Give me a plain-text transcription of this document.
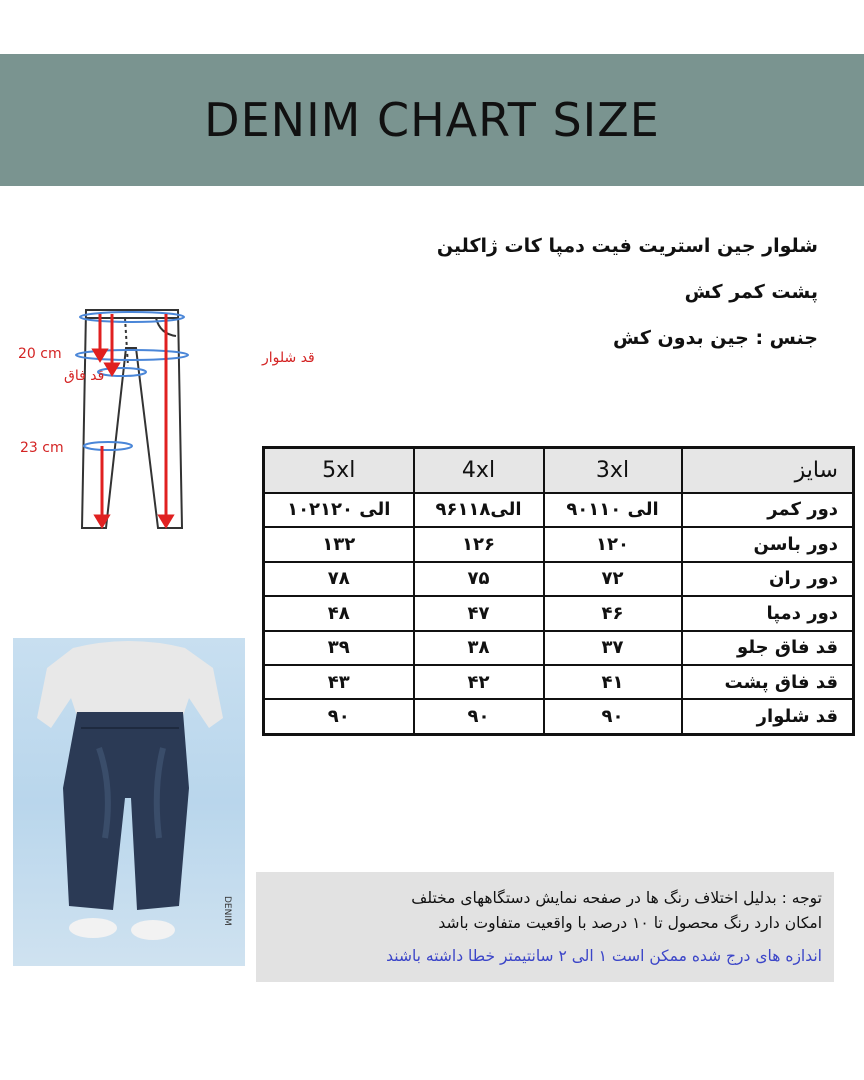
DENIM CHART SIZE
شلوار جین استریت فیت دمپا کات ژاکلین
پشت کمر کش
جنس : جین بدون کش
20 cm
قد فاق
23 cm
قد شلوار
DENIM
5xl	4xl	3xl	سایز
۱۰۲الی ۱۲۰	۹۶الی۱۱۸	۹۰الی ۱۱۰	دور کمر
۱۳۲	۱۲۶	۱۲۰	دور باسن
۷۸	۷۵	۷۲	دور ران
۴۸	۴۷	۴۶	دور دمپا
۳۹	۳۸	۳۷	قد فاق جلو
۴۳	۴۲	۴۱	قد فاق پشت
۹۰	۹۰	۹۰	قد شلوار
توجه : بدلیل اختلاف رنگ ها در صفحه نمایش دستگاههای مختلف
امکان دارد رنگ محصول تا ۱۰ درصد با واقعیت متفاوت باشد
اندازه های درج شده ممکن است ۱ الی ۲ سانتیمتر خطا داشته باشند
